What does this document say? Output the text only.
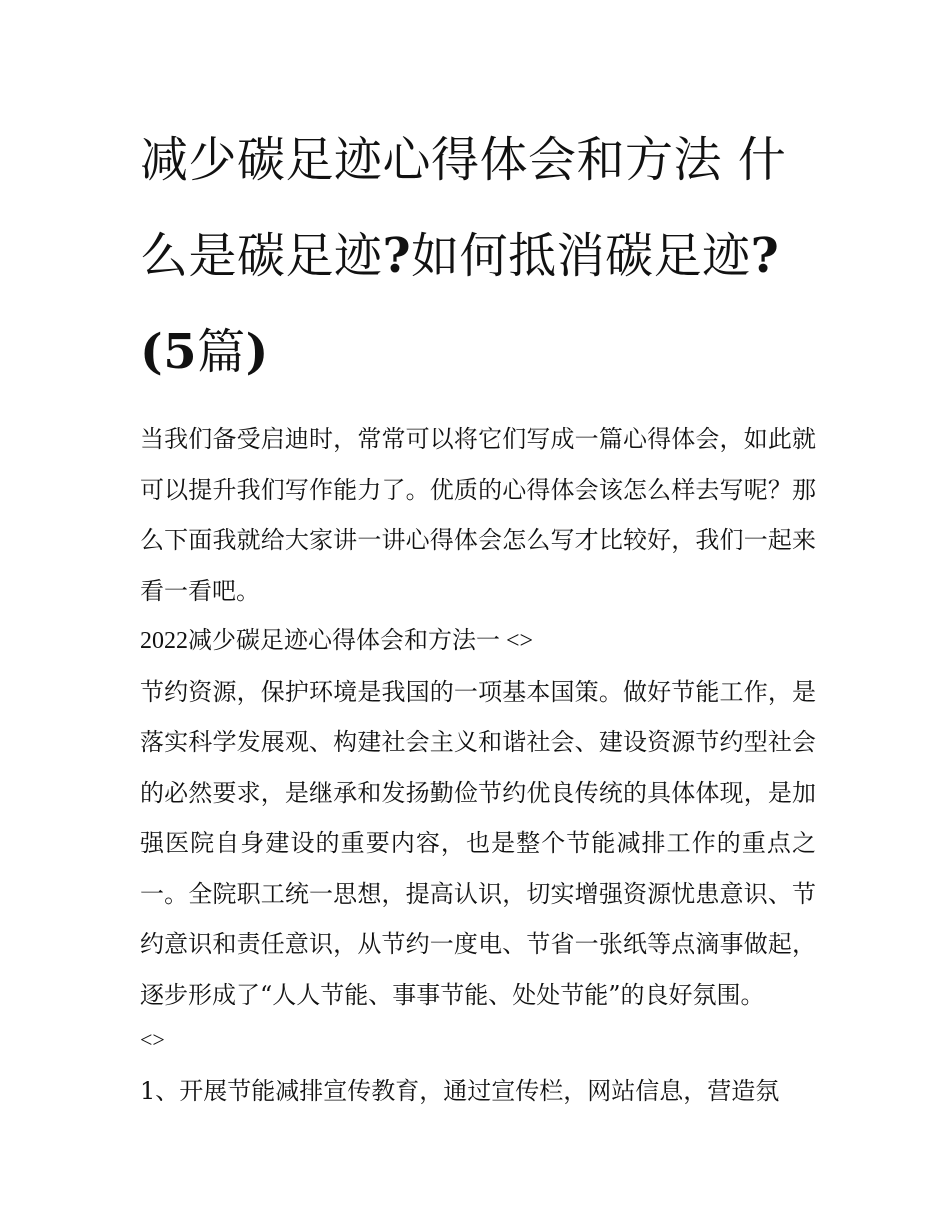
减少碳足迹心得体会和方法 什么是碳足迹?如何抵消碳足迹?
(5篇)

当我们备受启迪时，常常可以将它们写成一篇心得体会，如此就可以提升我们写作能力了。优质的心得体会该怎么样去写呢？那么下面我就给大家讲一讲心得体会怎么写才比较好，我们一起来看一看吧。

2022减少碳足迹心得体会和方法一 <>

节约资源，保护环境是我国的一项基本国策。做好节能工作，是落实科学发展观、构建社会主义和谐社会、建设资源节约型社会的必然要求，是继承和发扬勤俭节约优良传统的具体体现，是加强医院自身建设的重要内容，也是整个节能减排工作的重点之一。全院职工统一思想，提高认识，切实增强资源忧患意识、节约意识和责任意识，从节约一度电、节省一张纸等点滴事做起，逐步形成了“人人节能、事事节能、处处节能”的良好氛围。

<>

1、开展节能减排宣传教育，通过宣传栏，网站信息，营造氛
